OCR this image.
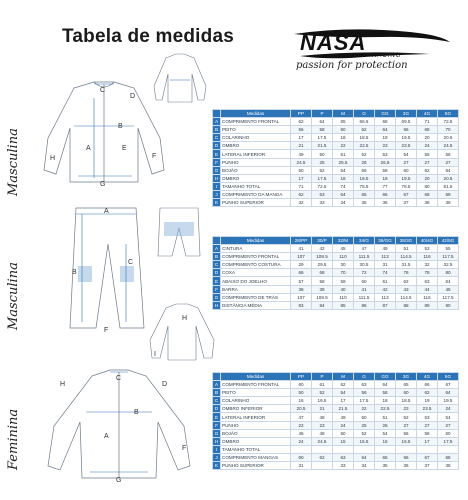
Tabela de medidas	NASA
RACING
passion for protection
Masculina
Masculina
Feminina
C
B
A	E
G
H	F
D
A
B
C
F
H
I
C
B
A
G
D
H
F
	Medidas	PP	P	M	G	GG	3G	4G	5G
A	COMPRIMENTO FRONTAL	62	64	65	66.5	68	69.5	71	72.5
B	PEITO	56	58	60	62	64	66	68	70
C	COLARINHO	17	17.5	18	18.5	19	19.5	20	20.5
D	OMBRO	21	21.5	22	22.5	23	23.5	24	24.5
E	LATERAL INFERIOR	49	50	51	52	53	54	55	56
F	PUNHO	24.5	25	25.5	26	26.5	27	27	27
G	BOJÃO	50	52	54	56	58	60	62	64
H	OMBRO	17	17.5	18	18.5	19	19.5	20	20.5
I	TAMANHO TOTAL	71	72.5	74	75.5	77	78.5	80	81.5
J	COMPRIMENTO DA MANGA	62	63	64	65	66	67	68	69
K	PUNHO SUPERIOR	32	33	34	35	36	37	38	39
	Medidas	28/PP	30/P	32/M	34/G	36/GG	38/3G	40/4G	42/5G
A	CINTURA	41	42	45	47	49	51	53	55
B	COMPRIMENTO FRONTAL	107	108.5	110	111.5	113	114.5	116	117.5
C	COMPRIMENTO COSTURA	29	29.5	30	30.5	31	31.5	32	32.5
D	COXA	66	68	70	72	74	76	78	80
E	ABAIXO DO JOELHO	57	58	59	60	61	62	63	64
F	BARRA	38	39	40	41	42	43	44	45
G	COMPRIMENTO DE TRÁS	107	108.5	110	111.5	113	114.5	116	117.5
H	DISTÂNCIA MÉDIA	83	84	85	86	87	88	89	90
	Medidas	PP	P	M	G	GG	3G	4G	5G
A	COMPRIMENTO FRONTAL	60	61	62	63	64	65	66	67
B	PEITO	50	52	54	56	58	60	62	64
C	COLARINHO	16	16.5	17	17.5	18	18.5	19	19.5
D	OMBRO INFERIOR	20.5	21	21.5	22	22.5	23	23.5	24
E	LATERAL INFERIOR	47	48	49	50	51	52	53	54
F	PUNHO	22	23	24	25	26	27	27	27
G	BOJÃO	46	48	50	52	54	56	58	60
H	OMBRO	24	24.5	15	15.5	16	16.5	17	17.5
I	TAMANHO TOTAL								
J	COMPRIMENTO MANGAS	60	62	63	64	65	66	67	68
K	PUNHO SUPERIOR	31		33	34	35	36	37	38
